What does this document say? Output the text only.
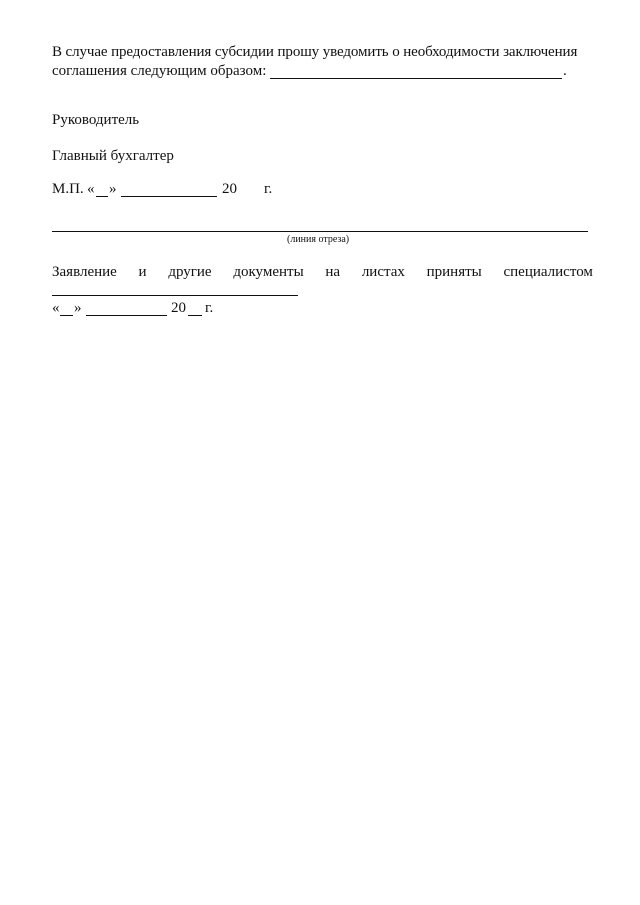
В случае предоставления субсидии прошу уведомить о необходимости заключения
соглашения следующим образом:	.
Руководитель
Главный бухгалтер
М.П. « »	20 г.
(линия отреза)
Заявление и другие документы на листах приняты специалистом
« »	20 г.
